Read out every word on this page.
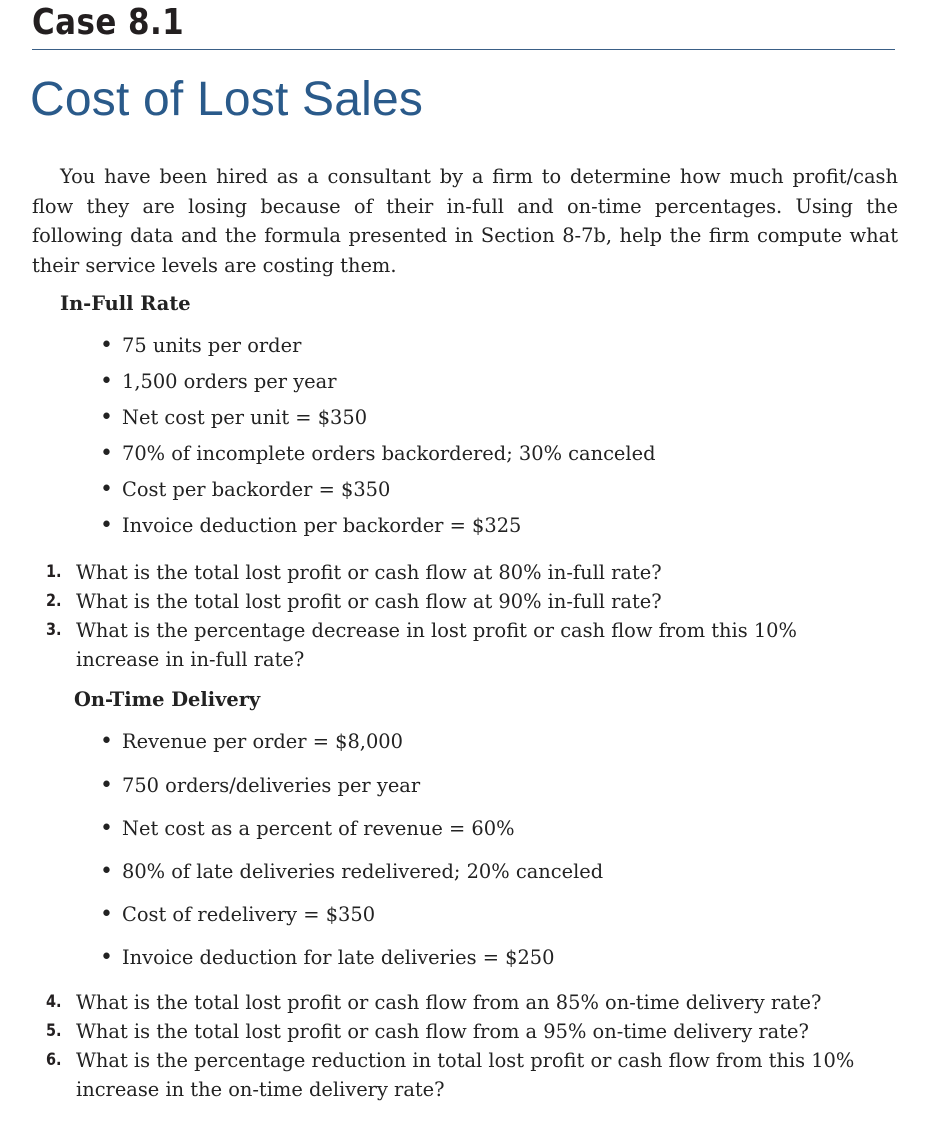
Case 8.1
Cost of Lost Sales

You have been hired as a consultant by a firm to determine how much profit/cash flow they are losing because of their in-full and on-time percentages. Using the following data and the formula presented in Section 8-7b, help the firm compute what their service levels are costing them.

In-Full Rate
• 75 units per order
• 1,500 orders per year
• Net cost per unit = $350
• 70% of incomplete orders backordered; 30% canceled
• Cost per backorder = $350
• Invoice deduction per backorder = $325
1. What is the total lost profit or cash flow at 80% in-full rate?
2. What is the total lost profit or cash flow at 90% in-full rate?
3. What is the percentage decrease in lost profit or cash flow from this 10% increase in in-full rate?
On-Time Delivery
• Revenue per order = $8,000
• 750 orders/deliveries per year
• Net cost as a percent of revenue = 60%
• 80% of late deliveries redelivered; 20% canceled
• Cost of redelivery = $350
• Invoice deduction for late deliveries = $250
4. What is the total lost profit or cash flow from an 85% on-time delivery rate?
5. What is the total lost profit or cash flow from a 95% on-time delivery rate?
6. What is the percentage reduction in total lost profit or cash flow from this 10% increase in the on-time delivery rate?
